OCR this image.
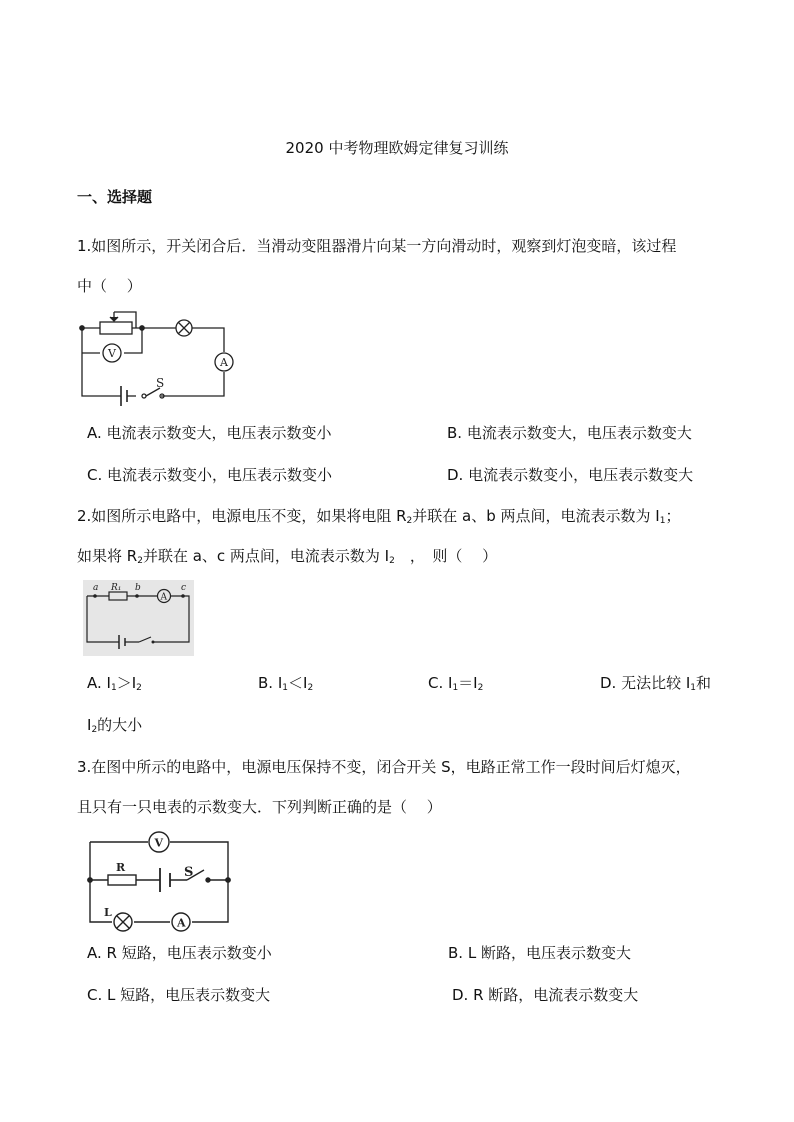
2020 中考物理欧姆定律复习训练
一、选择题
1.如图所示，开关闭合后．当滑动变阻器滑片向某一方向滑动时，观察到灯泡变暗，该过程
中（　 ）
V
A
S
A. 电流表示数变大，电压表示数变小	B. 电流表示数变大，电压表示数变大
C. 电流表示数变小，电压表示数变小	D. 电流表示数变小，电压表示数变大
2.如图所示电路中，电源电压不变，如果将电阻 $R_2$并联在 a、b 两点间，电流表示数为 $I_1$；
如果将 $R_2$并联在 a、c 两点间，电流表示数为 $I_2$　，　则（　 ）
a R₁ b	c
A
A. $I_1>I_2$	B. $I_1<I_2$	C. $I_1=I_2$	D. 无法比较 $I_1$和
$I_2$的大小
3.在图中所示的电路中，电源电压保持不变，闭合开关 S，电路正常工作一段时间后灯熄灭，
且只有一只电表的示数变大．下列判断正确的是（　 ）
V
R	S
L
A
A. R 短路，电压表示数变小	B. L 断路，电压表示数变大
C. L 短路，电压表示数变大	D. R 断路，电流表示数变大
